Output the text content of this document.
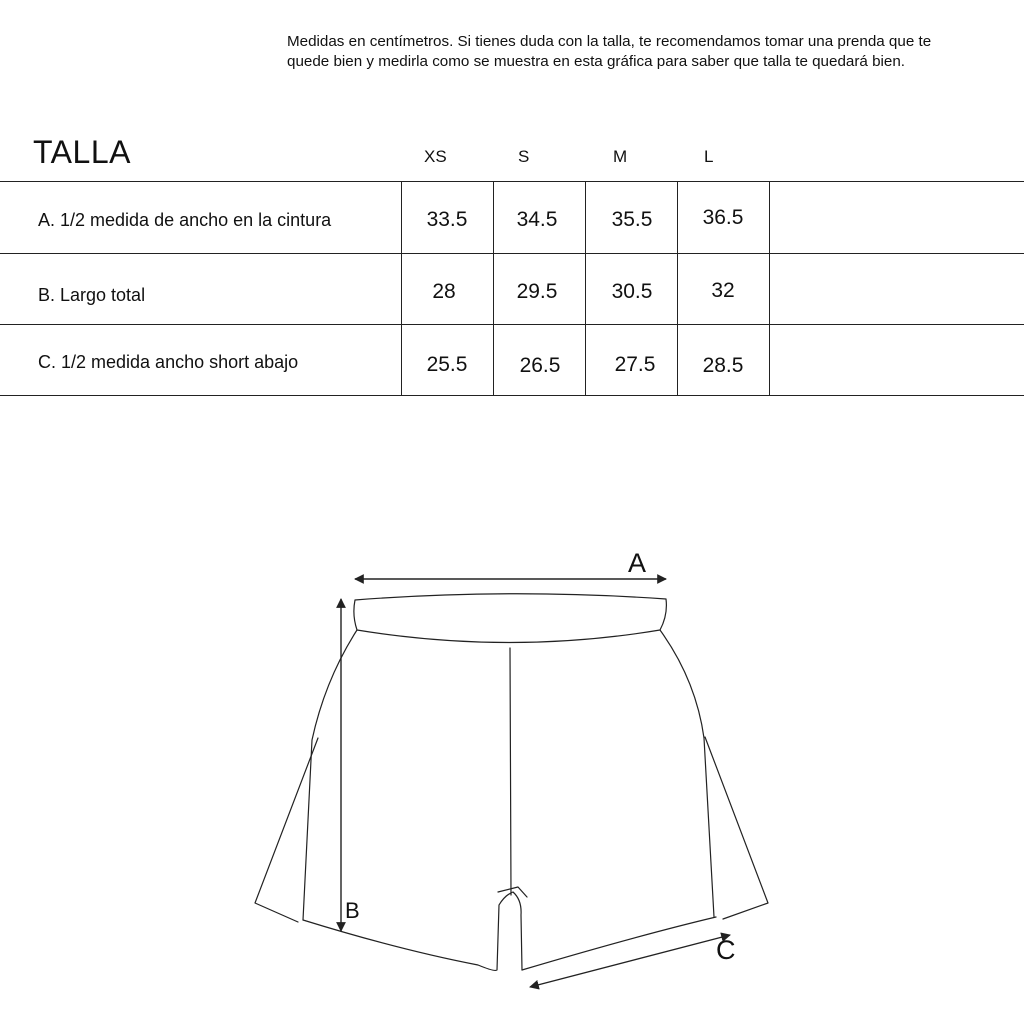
Medidas en centímetros. Si tienes duda con la talla, te recomendamos tomar una prenda que te
quede bien y medirla como se muestra en esta gráfica para saber que talla te quedará bien.
TALLA	XS	S	M	L
A. 1/2 medida de ancho en la cintura	33.5	34.5	35.5	36.5
B. Largo total	28	29.5	30.5	32
C. 1/2 medida ancho short abajo	25.5	26.5	27.5	28.5
A
B
C
